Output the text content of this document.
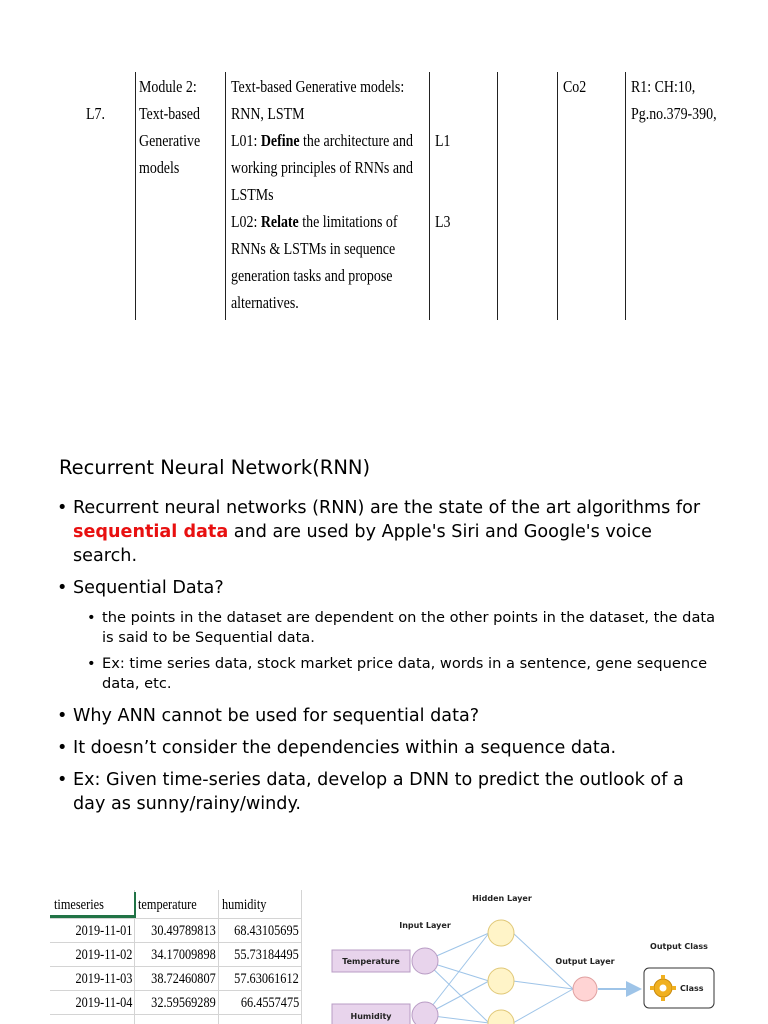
L7.
Module 2:
Text-based
Generative
models
Text-based Generative models:
RNN, LSTM
L01: Define the architecture and
working principles of RNNs and
LSTMs
L02: Relate the limitations of
RNNs & LSTMs in sequence
generation tasks and propose
alternatives.
L1
L3
Co2	R1: CH:10,
Pg.no.379-390,
Recurrent Neural Network(RNN)
• Recurrent neural networks (RNN) are the state of the art algorithms for sequential data and are used by Apple's Siri and Google's voice search.
• Sequential Data?
• the points in the dataset are dependent on the other points in the dataset, the data is said to be Sequential data.
• Ex: time series data, stock market price data, words in a sentence, gene sequence data, etc.
• Why ANN cannot be used for sequential data?
• It doesn’t consider the dependencies within a sequence data.
• Ex: Given time-series data, develop a DNN to predict the outlook of a day as sunny/rainy/windy.
timeseries temperature humidity
2019-11-01 30.49789813 68.43105695
2019-11-02 34.17009898 55.73184495
2019-11-03 38.72460807 57.63061612
2019-11-04 32.59569289 66.4557475
Temperature
Humidity
Class
Hidden Layer
Input Layer
Output Layer
Output Class
